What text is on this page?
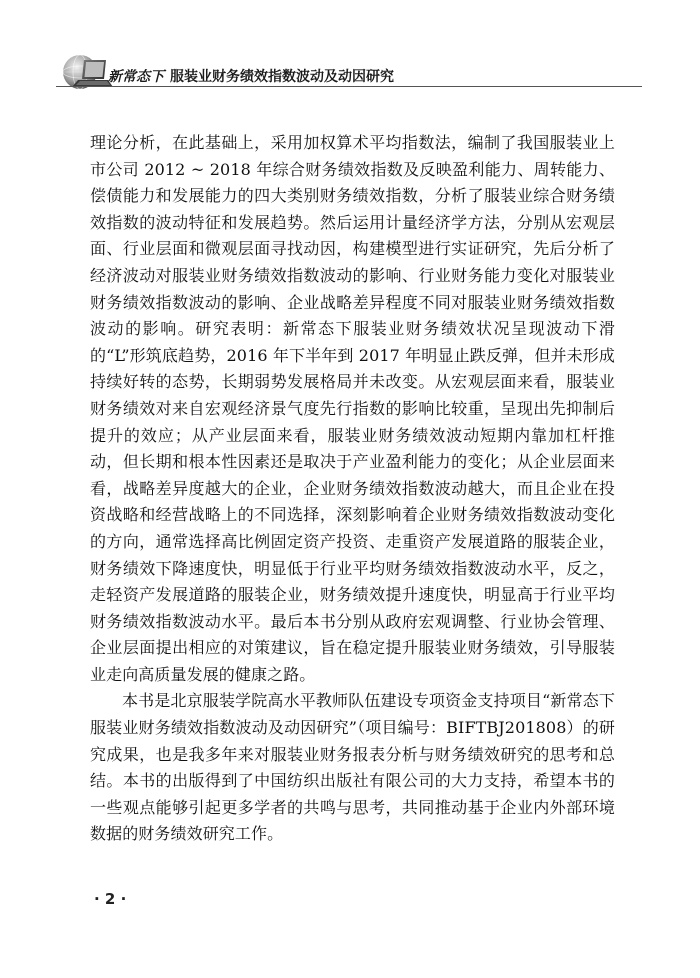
新常态下 服装业财务绩效指数波动及动因研究

理论分析，在此基础上，采用加权算术平均指数法，编制了我国服装业上市公司 2012 ~ 2018 年综合财务绩效指数及反映盈利能力、周转能力、偿债能力和发展能力的四大类别财务绩效指数，分析了服装业综合财务绩效指数的波动特征和发展趋势。然后运用计量经济学方法，分别从宏观层面、行业层面和微观层面寻找动因，构建模型进行实证研究，先后分析了经济波动对服装业财务绩效指数波动的影响、行业财务能力变化对服装业财务绩效指数波动的影响、企业战略差异程度不同对服装业财务绩效指数波动的影响。研究表明：新常态下服装业财务绩效状况呈现波动下滑的“L”形筑底趋势，2016 年下半年到 2017 年明显止跌反弹，但并未形成持续好转的态势，长期弱势发展格局并未改变。从宏观层面来看，服装业财务绩效对来自宏观经济景气度先行指数的影响比较重，呈现出先抑制后提升的效应；从产业层面来看，服装业财务绩效波动短期内靠加杠杆推动，但长期和根本性因素还是取决于产业盈利能力的变化；从企业层面来看，战略差异度越大的企业，企业财务绩效指数波动越大，而且企业在投资战略和经营战略上的不同选择，深刻影响着企业财务绩效指数波动变化的方向，通常选择高比例固定资产投资、走重资产发展道路的服装企业，财务绩效下降速度快，明显低于行业平均财务绩效指数波动水平，反之，走轻资产发展道路的服装企业，财务绩效提升速度快，明显高于行业平均财务绩效指数波动水平。最后本书分别从政府宏观调整、行业协会管理、企业层面提出相应的对策建议，旨在稳定提升服装业财务绩效，引导服装业走向高质量发展的健康之路。

本书是北京服装学院高水平教师队伍建设专项资金支持项目“新常态下服装业财务绩效指数波动及动因研究”（项目编号：BIFTBJ201808）的研究成果，也是我多年来对服装业财务报表分析与财务绩效研究的思考和总结。本书的出版得到了中国纺织出版社有限公司的大力支持，希望本书的一些观点能够引起更多学者的共鸣与思考，共同推动基于企业内外部环境数据的财务绩效研究工作。

· 2 ·
